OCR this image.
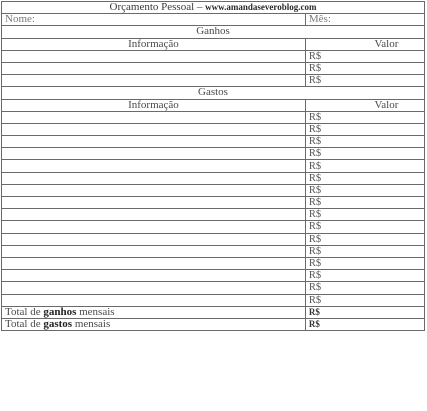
Orçamento Pessoal – www.amandaseveroblog.com	
Nome:	Mês:
Ganhos	
Informação	Valor
	R$
	R$
	R$
Gastos	
Informação	Valor
	R$
	R$
	R$
	R$
	R$
	R$
	R$
	R$
	R$
	R$
	R$
	R$
	R$
	R$
	R$
	R$
Total de ganhos mensais	R$
Total de gastos mensais	R$
